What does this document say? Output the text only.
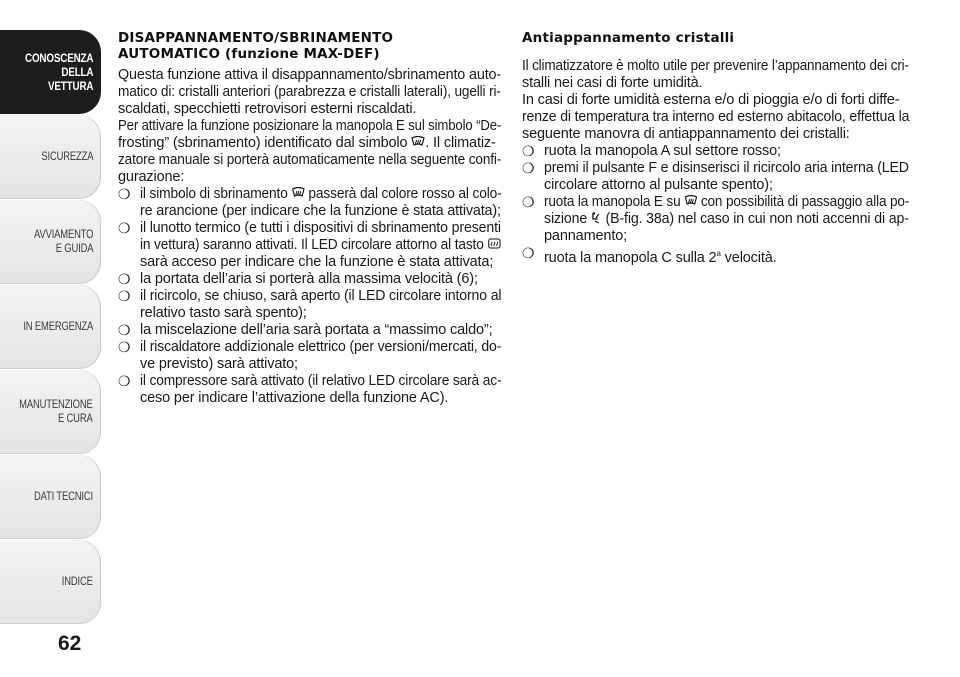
CONOSCENZA
DELLA
VETTURA
SICUREZZA
AVVIAMENTO
E GUIDA
IN EMERGENZA
MANUTENZIONE
E CURA
DATI TECNICI
INDICE
62
DISAPPANNAMENTO/SBRINAMENTO
AUTOMATICO (funzione MAX-DEF)
Questa funzione attiva il disappannamento/sbrinamento auto-
matico di: cristalli anteriori (parabrezza e cristalli laterali), ugelli ri-
scaldati, specchietti retrovisori esterni riscaldati.
Per attivare la funzione posizionare la manopola E sul simbolo “De-
frosting” (sbrinamento) identificato dal simbolo . Il climatiz-
zatore manuale si porterà automaticamente nella seguente confi-
gurazione:
❍ il simbolo di sbrinamento passerà dal colore rosso al colo-
re arancione (per indicare che la funzione è stata attivata);
❍ il lunotto termico (e tutti i dispositivi di sbrinamento presenti
in vettura) saranno attivati. Il LED circolare attorno al tasto
sarà acceso per indicare che la funzione è stata attivata;
❍ la portata dell’aria si porterà alla massima velocità (6);
❍ il ricircolo, se chiuso, sarà aperto (il LED circolare intorno al
relativo tasto sarà spento);
❍ la miscelazione dell’aria sarà portata a “massimo caldo”;
❍ il riscaldatore addizionale elettrico (per versioni/mercati, do-
ve previsto) sarà attivato;
❍ il compressore sarà attivato (il relativo LED circolare sarà ac-
ceso per indicare l’attivazione della funzione AC).
Antiappannamento cristalli
Il climatizzatore è molto utile per prevenire l’appannamento dei cri-
stalli nei casi di forte umidità.
In casi di forte umidità esterna e/o di pioggia e/o di forti diffe-
renze di temperatura tra interno ed esterno abitacolo, effettua la
seguente manovra di antiappannamento dei cristalli:
❍ ruota la manopola A sul settore rosso;
❍ premi il pulsante F e disinserisci il ricircolo aria interna (LED
circolare attorno al pulsante spento);
❍ ruota la manopola E su con possibilità di passaggio alla po-
sizione (B-fig. 38a) nel caso in cui non noti accenni di ap-
pannamento;
❍ ruota la manopola C sulla 2$^a$ velocità.
